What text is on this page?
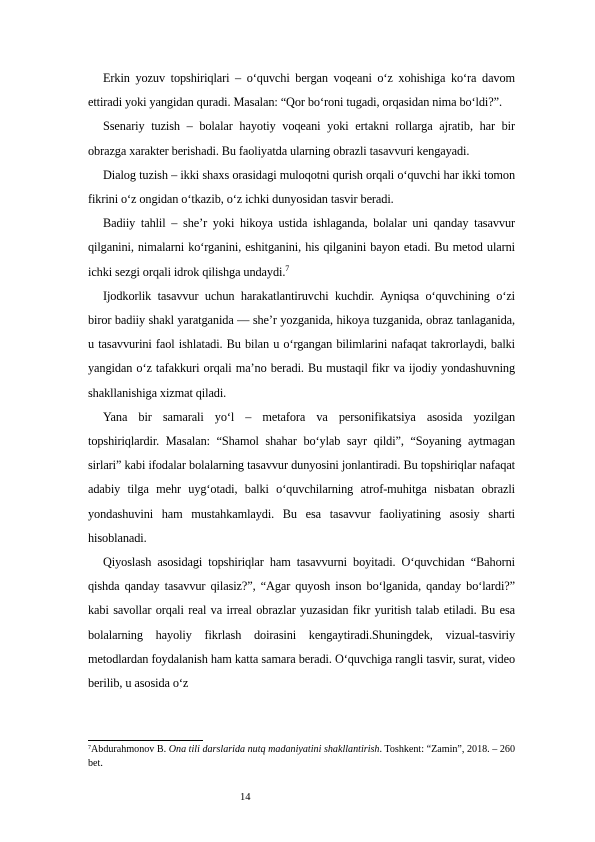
Erkin yozuv topshiriqlari – o‘quvchi bergan voqeani o‘z xohishiga ko‘ra davom ettiradi yoki yangidan quradi. Masalan: “Qor bo‘roni tugadi, orqasidan nima bo‘ldi?”.

Ssenariy tuzish – bolalar hayotiy voqeani yoki ertakni rollarga ajratib, har bir obrazga xarakter berishadi. Bu faoliyatda ularning obrazli tasavvuri kengayadi.

Dialog tuzish – ikki shaxs orasidagi muloqotni qurish orqali o‘quvchi har ikki tomon fikrini o‘z ongidan o‘tkazib, o‘z ichki dunyosidan tasvir beradi.

Badiiy tahlil – she’r yoki hikoya ustida ishlaganda, bolalar uni qanday tasavvur qilganini, nimalarni ko‘rganini, eshitganini, his qilganini bayon etadi. Bu metod ularni ichki sezgi orqali idrok qilishga undaydi.$^7$

Ijodkorlik tasavvur uchun harakatlantiruvchi kuchdir. Ayniqsa o‘quvchining o‘zi biror badiiy shakl yaratganida — she’r yozganida, hikoya tuzganida, obraz tanlaganida, u tasavvurini faol ishlatadi. Bu bilan u o‘rgangan bilimlarini nafaqat takrorlaydi, balki yangidan o‘z tafakkuri orqali ma’no beradi. Bu mustaqil fikr va ijodiy yondashuvning shakllanishiga xizmat qiladi.

Yana bir samarali yo‘l – metafora va personifikatsiya asosida yozilgan topshiriqlardir. Masalan: “Shamol shahar bo‘ylab sayr qildi”, “Soyaning aytmagan sirlari” kabi ifodalar bolalarning tasavvur dunyosini jonlantiradi. Bu topshiriqlar nafaqat adabiy tilga mehr uyg‘otadi, balki o‘quvchilarning atrof-muhitga nisbatan obrazli yondashuvini ham mustahkamlaydi. Bu esa tasavvur faoliyatining asosiy sharti hisoblanadi.

Qiyoslash asosidagi topshiriqlar ham tasavvurni boyitadi. O‘quvchidan “Bahorni qishda qanday tasavvur qilasiz?”, “Agar quyosh inson bo‘lganida, qanday bo‘lardi?” kabi savollar orqali real va irreal obrazlar yuzasidan fikr yuritish talab etiladi. Bu esa bolalarning hayoliy fikrlash doirasini kengaytiradi.Shuningdek, vizual-tasviriy metodlardan foydalanish ham katta samara beradi. O‘quvchiga rangli tasvir, surat, video berilib, u asosida o‘z

$^7$Abdurahmonov B. Ona tili darslarida nutq madaniyatini shakllantirish. Toshkent: “Zamin”, 2018. – 260 bet.
14
